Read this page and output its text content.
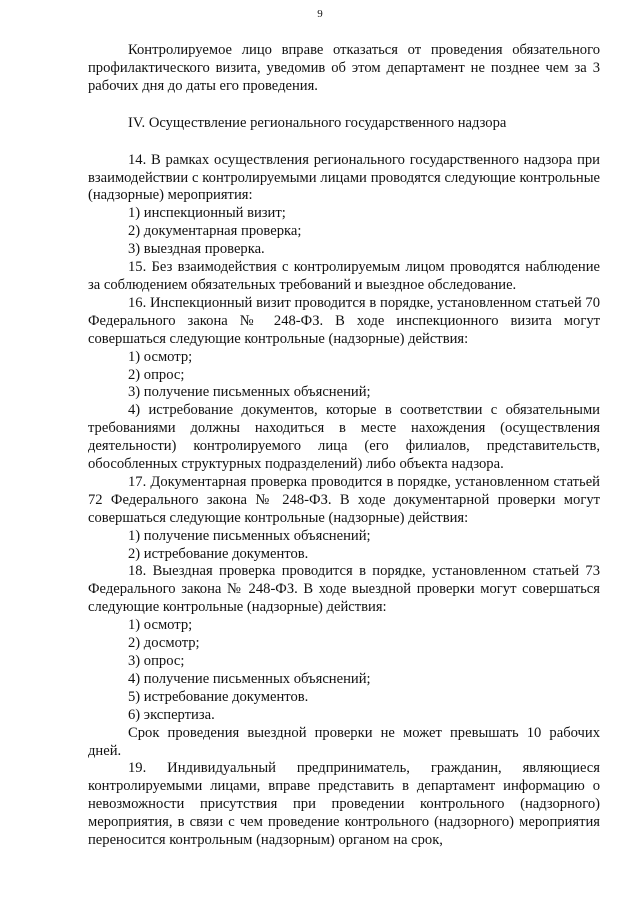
9

Контролируемое лицо вправе отказаться от проведения обязательного профилактического визита, уведомив об этом департамент не позднее чем за 3 рабочих дня до даты его проведения.

IV. Осуществление регионального государственного надзора

14. В рамках осуществления регионального государственного надзора при взаимодействии с контролируемыми лицами проводятся следующие контрольные (надзорные) мероприятия:

1) инспекционный визит;

2) документарная проверка;

3) выездная проверка.

15. Без взаимодействия с контролируемым лицом проводятся наблюдение за соблюдением обязательных требований и выездное обследование.

16. Инспекционный визит проводится в порядке, установленном статьей 70 Федерального закона № 248-ФЗ. В ходе инспекционного визита могут совершаться следующие контрольные (надзорные) действия:

1) осмотр;

2) опрос;

3) получение письменных объяснений;

4) истребование документов, которые в соответствии с обязательными требованиями должны находиться в месте нахождения (осуществления деятельности) контролируемого лица (его филиалов, представительств, обособленных структурных подразделений) либо объекта надзора.

17. Документарная проверка проводится в порядке, установленном статьей 72 Федерального закона № 248-ФЗ. В ходе документарной проверки могут совершаться следующие контрольные (надзорные) действия:

1) получение письменных объяснений;

2) истребование документов.

18. Выездная проверка проводится в порядке, установленном статьей 73 Федерального закона № 248-ФЗ. В ходе выездной проверки могут совершаться следующие контрольные (надзорные) действия:

1) осмотр;

2) досмотр;

3) опрос;

4) получение письменных объяснений;

5) истребование документов.

6) экспертиза.

Срок проведения выездной проверки не может превышать 10 рабочих дней.

19. Индивидуальный предприниматель, гражданин, являющиеся контролируемыми лицами, вправе представить в департамент информацию о невозможности присутствия при проведении контрольного (надзорного) мероприятия, в связи с чем проведение контрольного (надзорного) мероприятия переносится контрольным (надзорным) органом на срок,
